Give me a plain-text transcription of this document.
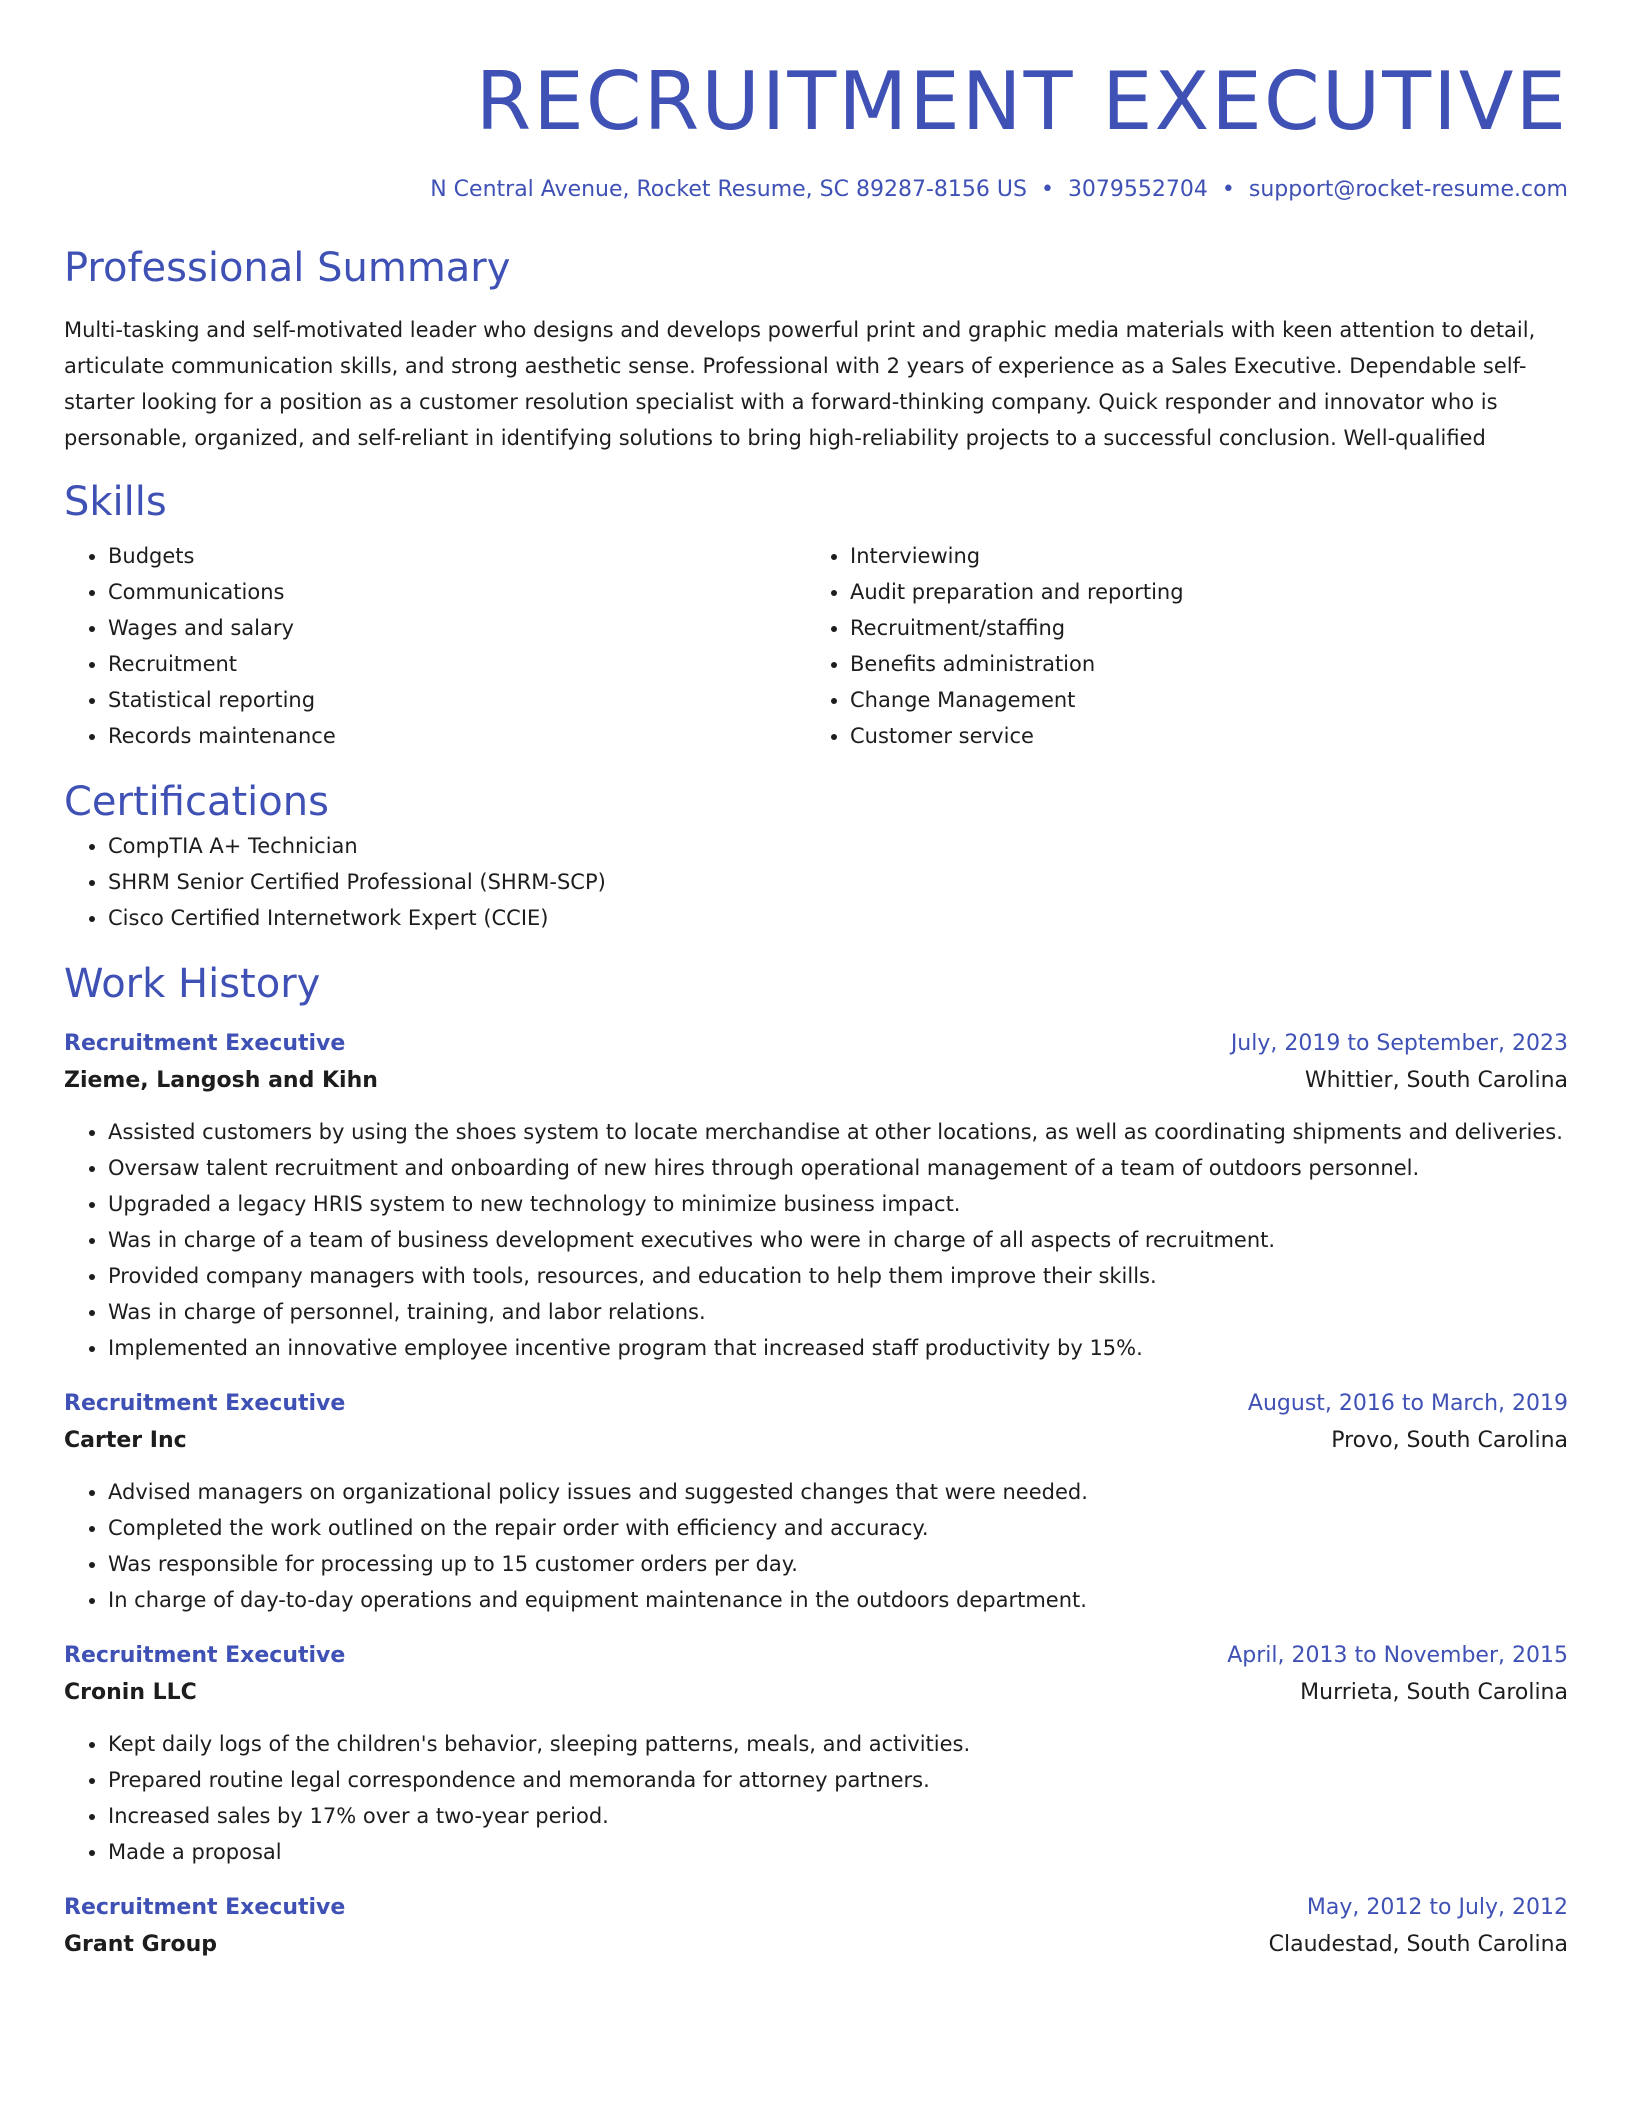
RECRUITMENT EXECUTIVE
N Central Avenue, Rocket Resume, SC 89287-8156 US • 3079552704 • support@rocket-resume.com
Professional Summary

Multi-tasking and self-motivated leader who designs and develops powerful print and graphic media materials with keen attention to detail, articulate communication skills, and strong aesthetic sense. Professional with 2 years of experience as a Sales Executive. Dependable self-starter looking for a position as a customer resolution specialist with a forward-thinking company. Quick responder and innovator who is personable, organized, and self-reliant in identifying solutions to bring high-reliability projects to a successful conclusion. Well-qualified

Skills
• Budgets
• Communications
• Wages and salary
• Recruitment
• Statistical reporting
• Records maintenance
• Interviewing
• Audit preparation and reporting
• Recruitment/staffing
• Benefits administration
• Change Management
• Customer service
Certifications
• CompTIA A+ Technician
• SHRM Senior Certified Professional (SHRM-SCP)
• Cisco Certified Internetwork Expert (CCIE)
Work History
Recruitment Executive	July, 2019 to September, 2023
Zieme, Langosh and Kihn	Whittier, South Carolina
• Assisted customers by using the shoes system to locate merchandise at other locations, as well as coordinating shipments and deliveries.
• Oversaw talent recruitment and onboarding of new hires through operational management of a team of outdoors personnel.
• Upgraded a legacy HRIS system to new technology to minimize business impact.
• Was in charge of a team of business development executives who were in charge of all aspects of recruitment.
• Provided company managers with tools, resources, and education to help them improve their skills.
• Was in charge of personnel, training, and labor relations.
• Implemented an innovative employee incentive program that increased staff productivity by 15%.
Recruitment Executive	August, 2016 to March, 2019
Carter Inc	Provo, South Carolina
• Advised managers on organizational policy issues and suggested changes that were needed.
• Completed the work outlined on the repair order with efficiency and accuracy.
• Was responsible for processing up to 15 customer orders per day.
• In charge of day-to-day operations and equipment maintenance in the outdoors department.
Recruitment Executive	April, 2013 to November, 2015
Cronin LLC	Murrieta, South Carolina
• Kept daily logs of the children's behavior, sleeping patterns, meals, and activities.
• Prepared routine legal correspondence and memoranda for attorney partners.
• Increased sales by 17% over a two-year period.
• Made a proposal
Recruitment Executive	May, 2012 to July, 2012
Grant Group	Claudestad, South Carolina
